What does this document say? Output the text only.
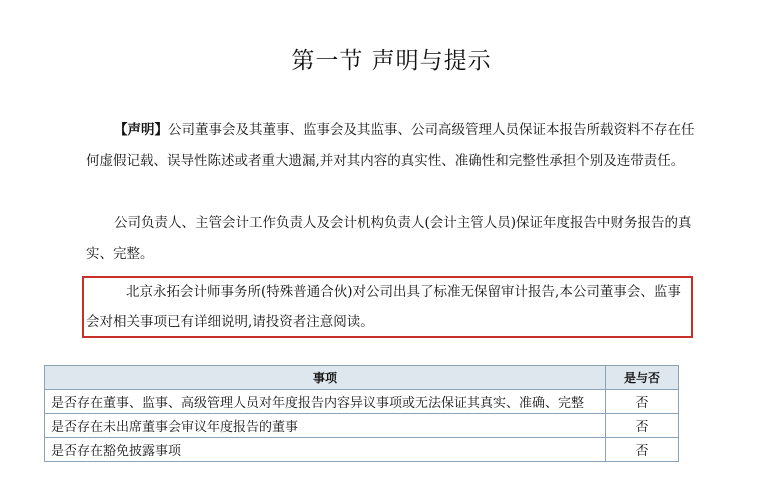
第一节 声明与提示

【声明】公司董事会及其董事、监事会及其监事、公司高级管理人员保证本报告所载资料不存在任何虚假记载、误导性陈述或者重大遗漏,并对其内容的真实性、准确性和完整性承担个别及连带责任。

公司负责人、主管会计工作负责人及会计机构负责人(会计主管人员)保证年度报告中财务报告的真实、完整。

北京永拓会计师事务所(特殊普通合伙)对公司出具了标准无保留审计报告,本公司董事会、监事会对相关事项已有详细说明,请投资者注意阅读。

事项	是与否
是否存在董事、监事、高级管理人员对年度报告内容异议事项或无法保证其真实、准确、完整	否
是否存在未出席董事会审议年度报告的董事	否
是否存在豁免披露事项	否
